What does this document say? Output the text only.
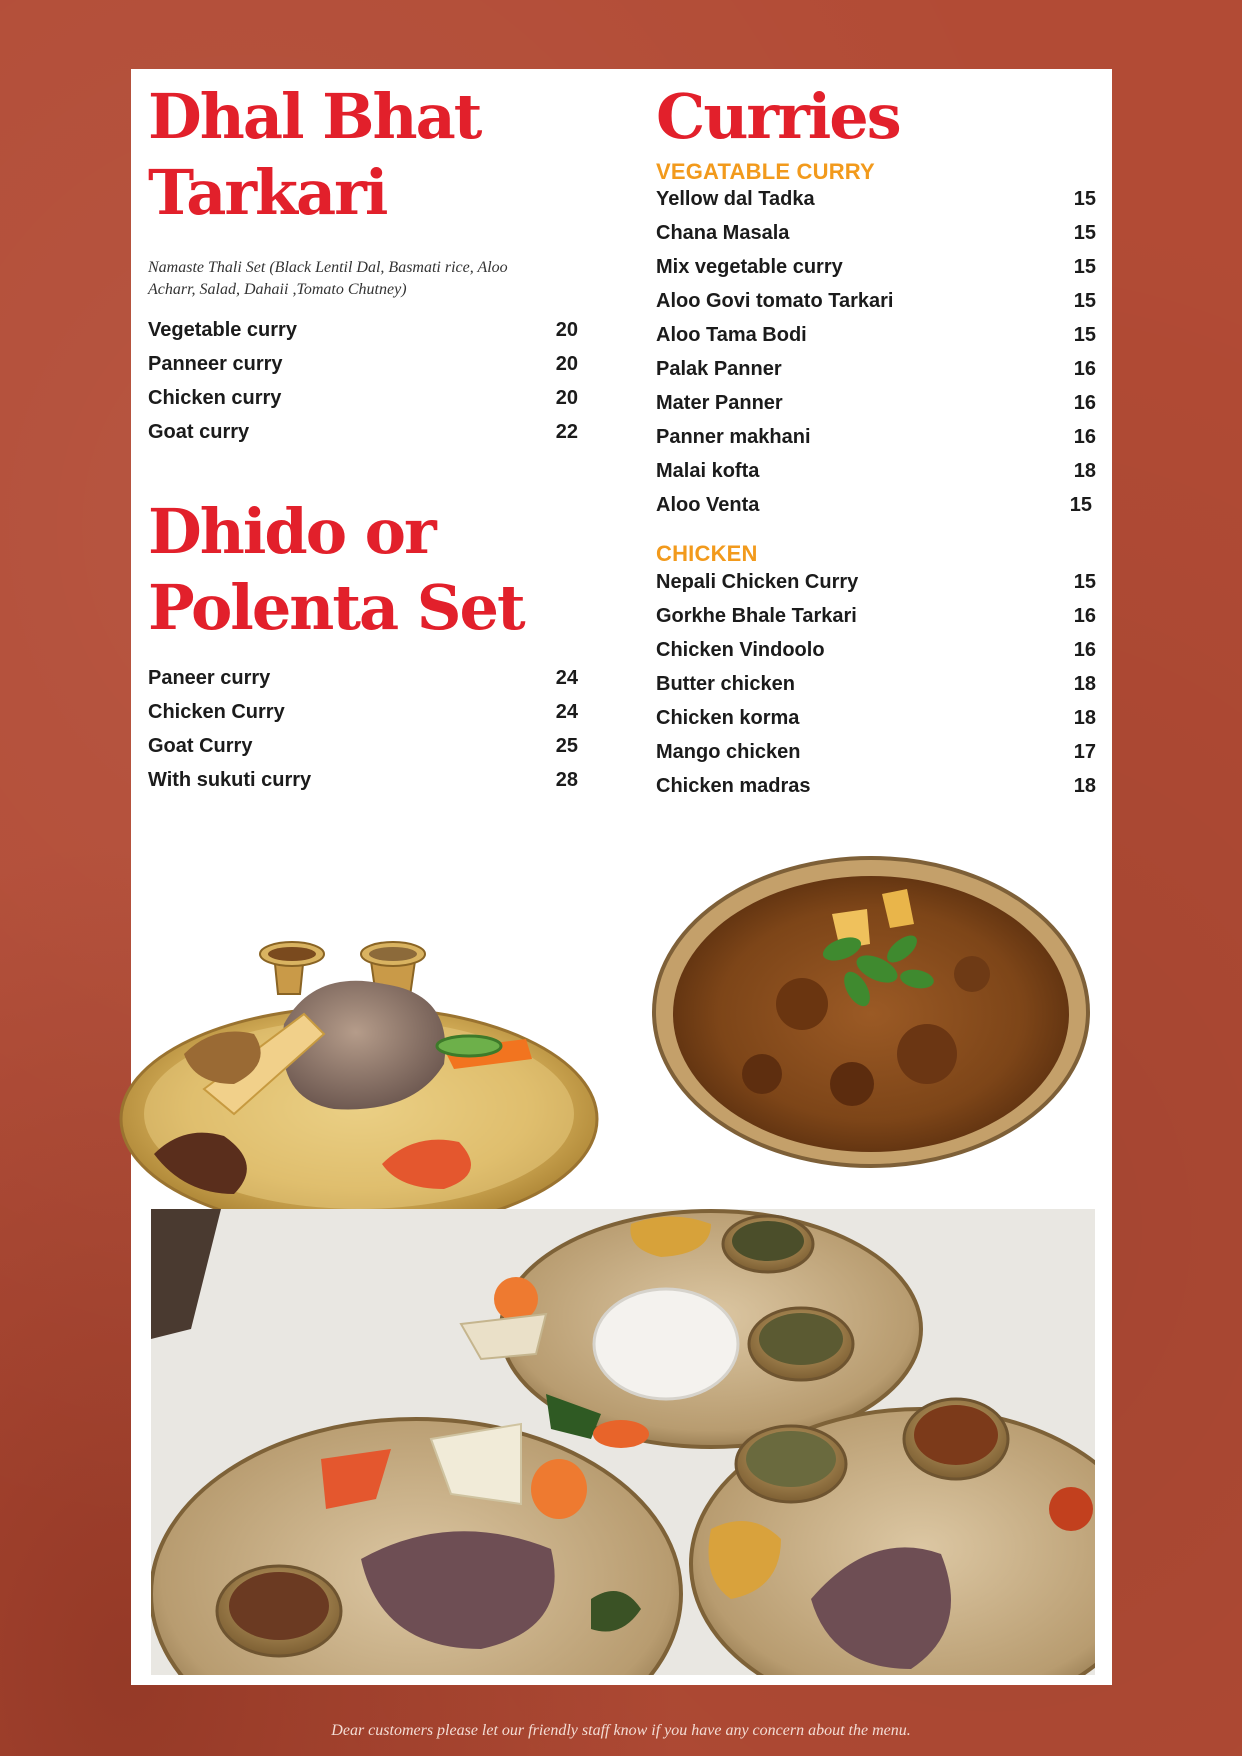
Dhal Bhat
Tarkari
Namaste Thali Set (Black Lentil Dal, Basmati rice, Aloo Acharr, Salad, Dahaii ,Tomato Chutney)
Vegetable curry	20
Panneer curry	20
Chicken curry	20
Goat curry	22
Dhido or
Polenta Set
Paneer curry	24
Chicken Curry	24
Goat Curry	25
With sukuti curry	28
Curries
VEGATABLE CURRY
Yellow dal Tadka	15
Chana Masala	15
Mix vegetable curry	15
Aloo Govi tomato Tarkari	15
Aloo Tama Bodi	15
Palak Panner	16
Mater Panner	16
Panner makhani	16
Malai kofta	18
Aloo Venta	15
CHICKEN
Nepali Chicken Curry	15
Gorkhe Bhale Tarkari	16
Chicken Vindoolo	16
Butter chicken	18
Chicken korma	18
Mango chicken	17
Chicken madras	18
Dear customers please let our friendly staff know if you have any concern about the menu.
